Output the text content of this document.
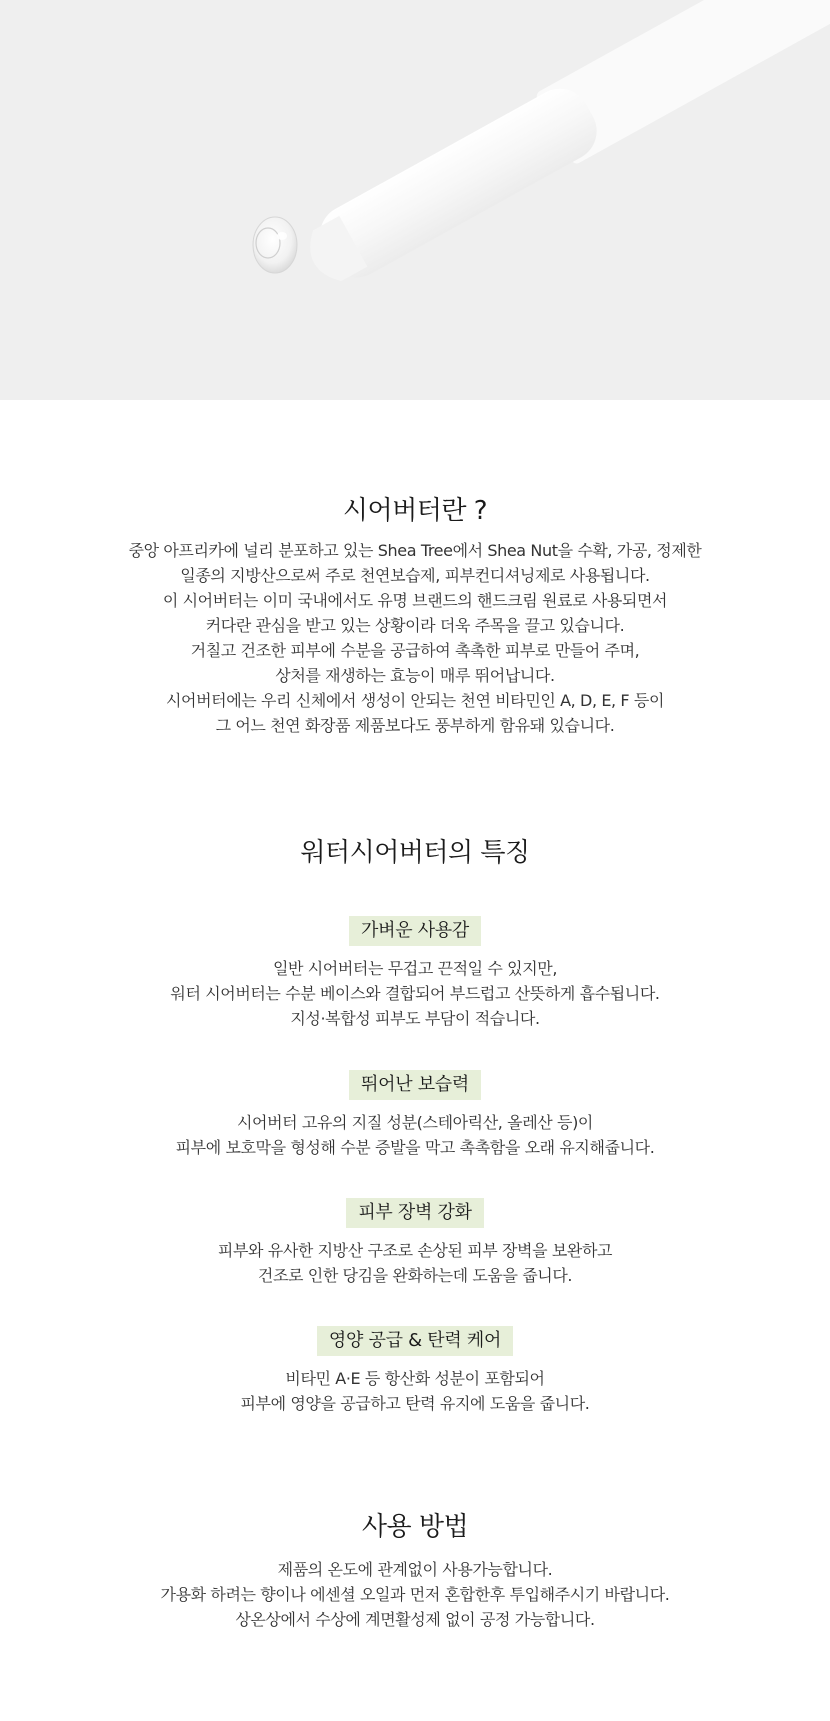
시어버터란 ?

중앙 아프리카에 널리 분포하고 있는 Shea Tree에서 Shea Nut을 수확, 가공, 정제한
일종의 지방산으로써 주로 천연보습제, 피부컨디셔닝제로 사용됩니다.
이 시어버터는 이미 국내에서도 유명 브랜드의 핸드크림 원료로 사용되면서
커다란 관심을 받고 있는 상황이라 더욱 주목을 끌고 있습니다.
거칠고 건조한 피부에 수분을 공급하여 촉촉한 피부로 만들어 주며,
상처를 재생하는 효능이 매루 뛰어납니다.
시어버터에는 우리 신체에서 생성이 안되는 천연 비타민인 A, D, E, F 등이
그 어느 천연 화장품 제품보다도 풍부하게 함유돼 있습니다.

워터시어버터의 특징
가벼운 사용감

일반 시어버터는 무겁고 끈적일 수 있지만,
워터 시어버터는 수분 베이스와 결합되어 부드럽고 산뜻하게 흡수됩니다.
지성·복합성 피부도 부담이 적습니다.

뛰어난 보습력

시어버터 고유의 지질 성분(스테아릭산, 올레산 등)이
피부에 보호막을 형성해 수분 증발을 막고 촉촉함을 오래 유지해줍니다.

피부 장벽 강화

피부와 유사한 지방산 구조로 손상된 피부 장벽을 보완하고
건조로 인한 당김을 완화하는데 도움을 줍니다.

영양 공급 & 탄력 케어

비타민 A·E 등 항산화 성분이 포함되어
피부에 영양을 공급하고 탄력 유지에 도움을 줍니다.

사용 방법

제품의 온도에 관계없이 사용가능합니다.
가용화 하려는 향이나 에센셜 오일과 먼저 혼합한후 투입해주시기 바랍니다.
상온상에서 수상에 계면활성제 없이 공정 가능합니다.
